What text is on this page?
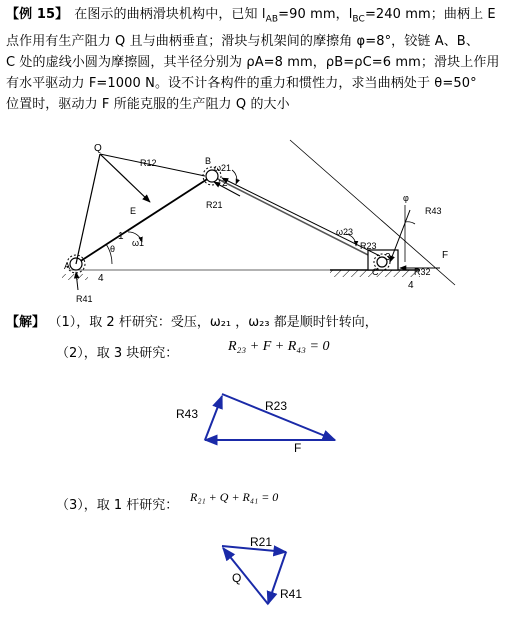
【例 15】 在图示的曲柄滑块机构中，已知 $l_{AB}=90$ mm，$l_{BC}=240$ mm；曲柄上 E
点作用有生产阻力 Q 且与曲柄垂直；滑块与机架间的摩擦角 φ=8°，铰链 A、B、
C 处的虚线小圆为摩擦圆，其半径分别为 ρA=8 mm，ρB=ρC=6 mm；滑块上作用
有水平驱动力 F=1000 N。设不计各构件的重力和惯性力，求当曲柄处于 θ=50°
位置时，驱动力 F 所能克服的生产阻力 Q 的大小
Q
R12	B
ω21
2
E
R21
φ
R43
ω23
R23
3
1
θ
ω1
A
4
C	R32
F
4
R41
R43
R23
F
R21
Q
R41
【解】 （1），取 2 杆研究：受压，ω₂₁ ，ω₂₃ 都是顺时针转向，
（2），取 3 块研究：	R₂₃ + F + R₄₃ = 0
（3），取 1 杆研究：
R₂₁ + Q + R₄₁ = 0
